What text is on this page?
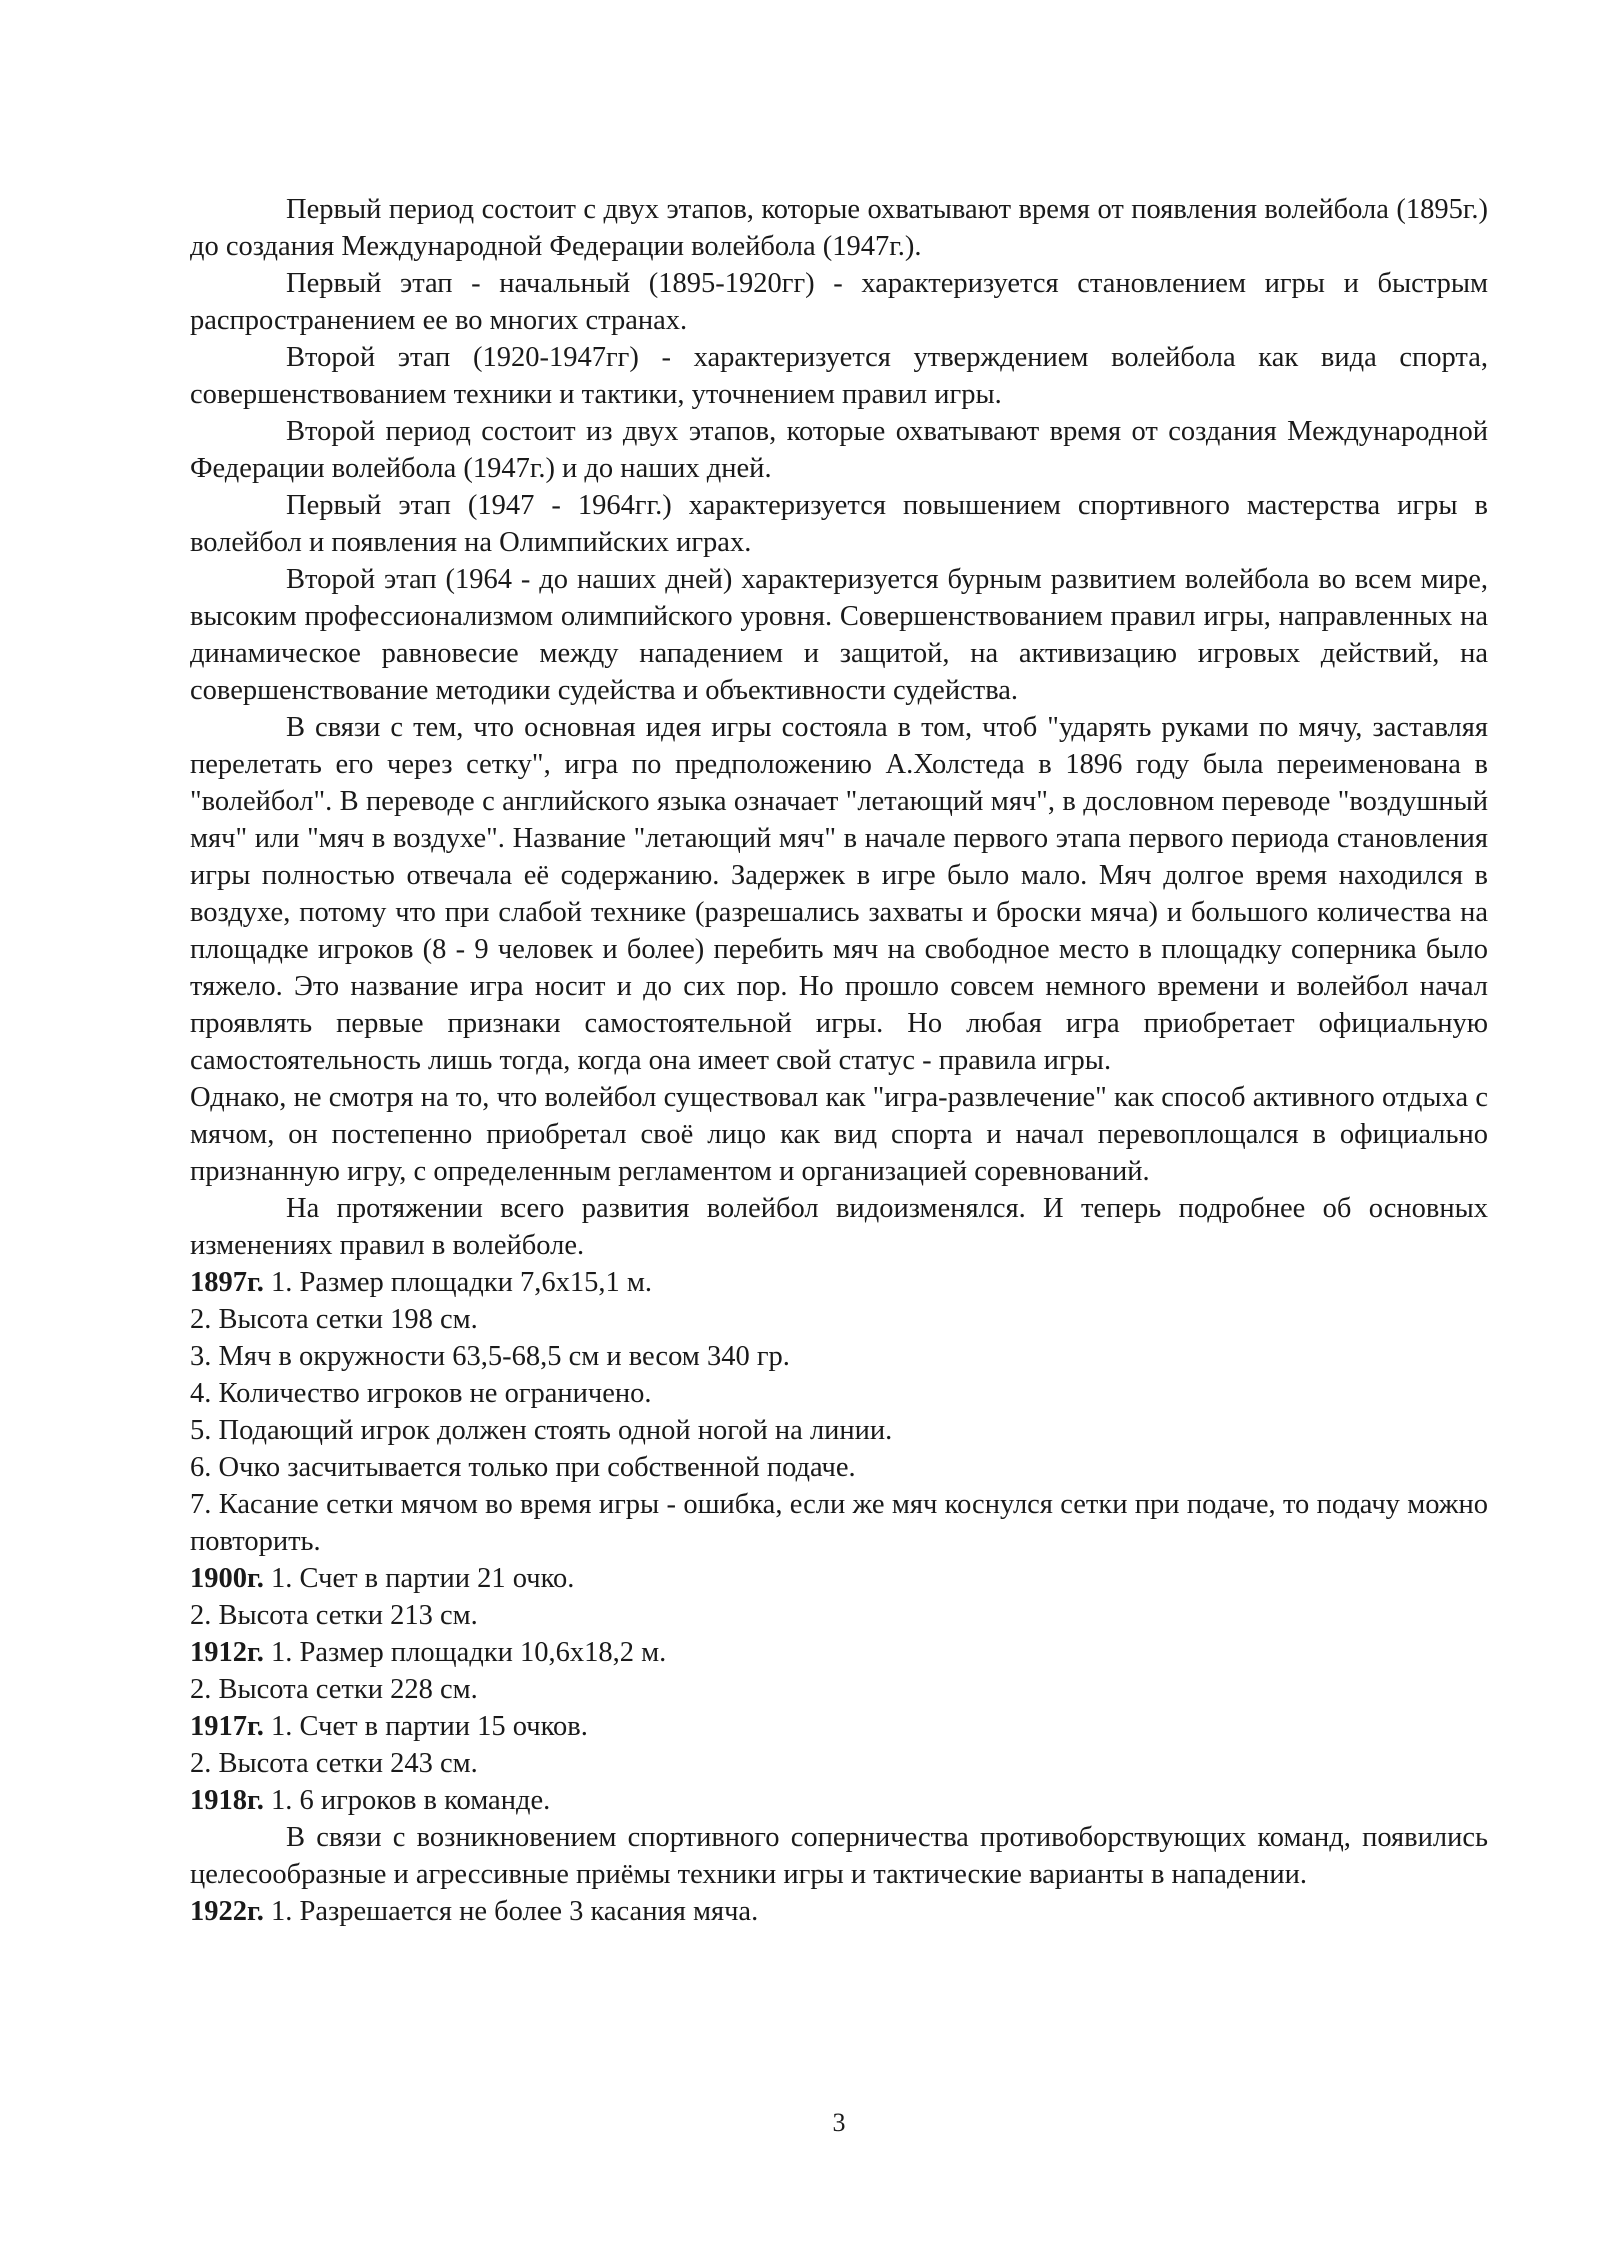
Первый период состоит с двух этапов, которые охватывают время от появления волейбола (1895г.) до создания Международной Федерации волейбола (1947г.).

Первый этап - начальный (1895-1920гг) - характеризуется становлением игры и быстрым распространением ее во многих странах.

Второй этап (1920-1947гг) - характеризуется утверждением волейбола как вида спорта, совершенствованием техники и тактики, уточнением правил игры.

Второй период состоит из двух этапов, которые охватывают время от создания Международной Федерации волейбола (1947г.) и до наших дней.

Первый этап (1947 - 1964гг.) характеризуется повышением спортивного мастерства игры в волейбол и появления на Олимпийских играх.

Второй этап (1964 - до наших дней) характеризуется бурным развитием волейбола во всем мире, высоким профессионализмом олимпийского уровня. Совершенствованием правил игры, направленных на динамическое равновесие между нападением и защитой, на активизацию игровых действий, на совершенствование методики судейства и объективности судейства.

В связи с тем, что основная идея игры состояла в том, чтоб "ударять руками по мячу, заставляя перелетать его через сетку", игра по предположению А.Холстеда в 1896 году была переименована в "волейбол". В переводе с английского языка означает "летающий мяч", в дословном переводе "воздушный мяч" или "мяч в воздухе". Название "летающий мяч" в начале первого этапа первого периода становления игры полностью отвечала её содержанию. Задержек в игре было мало. Мяч долгое время находился в воздухе, потому что при слабой технике (разрешались захваты и броски мяча) и большого количества на площадке игроков (8 - 9 человек и более) перебить мяч на свободное место в площадку соперника было тяжело. Это название игра носит и до сих пор. Но прошло совсем немного времени и волейбол начал проявлять первые признаки самостоятельной игры. Но любая игра приобретает официальную самостоятельность лишь тогда, когда она имеет свой статус - правила игры.

Однако, не смотря на то, что волейбол существовал как "игра-развлечение" как способ активного отдыха с мячом, он постепенно приобретал своё лицо как вид спорта и начал перевоплощался в официально признанную игру, с определенным регламентом и организацией соревнований.

На протяжении всего развития волейбол видоизменялся. И теперь подробнее об основных изменениях правил в волейболе.

1897г. 1. Размер площадки 7,6х15,1 м.

2. Высота сетки 198 см.

3. Мяч в окружности 63,5-68,5 см и весом 340 гр.

4. Количество игроков не ограничено.

5. Подающий игрок должен стоять одной ногой на линии.

6. Очко засчитывается только при собственной подаче.

7. Касание сетки мячом во время игры - ошибка, если же мяч коснулся сетки при подаче, то подачу можно повторить.

1900г. 1. Счет в партии 21 очко.

2. Высота сетки 213 см.

1912г. 1. Размер площадки 10,6х18,2 м.

2. Высота сетки 228 см.

1917г. 1. Счет в партии 15 очков.

2. Высота сетки 243 см.

1918г. 1. 6 игроков в команде.

В связи с возникновением спортивного соперничества противоборствующих команд, появились целесообразные и агрессивные приёмы техники игры и тактические варианты в нападении.

1922г. 1. Разрешается не более 3 касания мяча.

3
